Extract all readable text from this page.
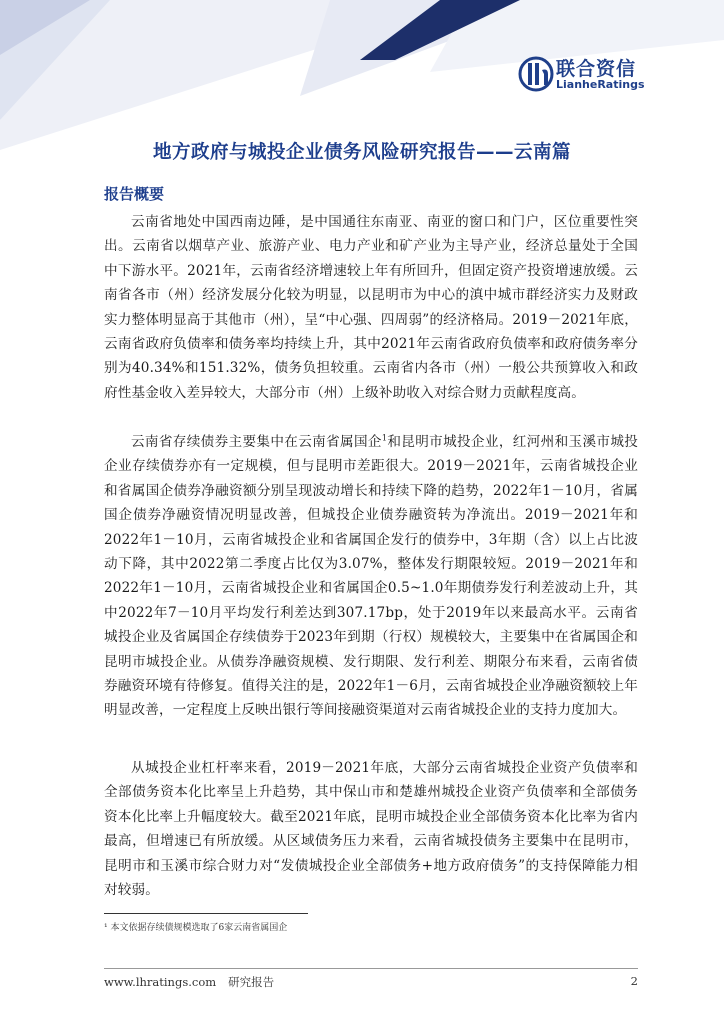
联合资信
LianheRatings
地方政府与城投企业债务风险研究报告——云南篇
报告概要

云南省地处中国西南边陲，是中国通往东南亚、南亚的窗口和门户，区位重要性突出。云南省以烟草产业、旅游产业、电力产业和矿产业为主导产业，经济总量处于全国中下游水平。2021年，云南省经济增速较上年有所回升，但固定资产投资增速放缓。云南省各市（州）经济发展分化较为明显，以昆明市为中心的滇中城市群经济实力及财政实力整体明显高于其他市（州），呈“中心强、四周弱”的经济格局。2019－2021年底，云南省政府负债率和债务率均持续上升，其中2021年云南省政府负债率和政府债务率分别为40.34%和151.32%，债务负担较重。云南省内各市（州）一般公共预算收入和政府性基金收入差异较大，大部分市（州）上级补助收入对综合财力贡献程度高。

云南省存续债券主要集中在云南省属国企$^1$和昆明市城投企业，红河州和玉溪市城投企业存续债券亦有一定规模，但与昆明市差距很大。2019－2021年，云南省城投企业和省属国企债券净融资额分别呈现波动增长和持续下降的趋势，2022年1－10月，省属国企债券净融资情况明显改善，但城投企业债券融资转为净流出。2019－2021年和2022年1－10月，云南省城投企业和省属国企发行的债券中，3年期（含）以上占比波动下降，其中2022第二季度占比仅为3.07%，整体发行期限较短。2019－2021年和2022年1－10月，云南省城投企业和省属国企0.5~1.0年期债券发行利差波动上升，其中2022年7－10月平均发行利差达到307.17bp，处于2019年以来最高水平。云南省城投企业及省属国企存续债券于2023年到期（行权）规模较大，主要集中在省属国企和昆明市城投企业。从债券净融资规模、发行期限、发行利差、期限分布来看，云南省债券融资环境有待修复。值得关注的是，2022年1－6月，云南省城投企业净融资额较上年明显改善，一定程度上反映出银行等间接融资渠道对云南省城投企业的支持力度加大。

从城投企业杠杆率来看，2019－2021年底，大部分云南省城投企业资产负债率和全部债务资本化比率呈上升趋势，其中保山市和楚雄州城投企业资产负债率和全部债务资本化比率上升幅度较大。截至2021年底，昆明市城投企业全部债务资本化比率为省内最高，但增速已有所放缓。从区域债务压力来看，云南省城投债务主要集中在昆明市，昆明市和玉溪市综合财力对“发债城投企业全部债务+地方政府债务”的支持保障能力相对较弱。

¹ 本文依据存续债规模选取了6家云南省属国企
www.lhratings.com 研究报告	2
